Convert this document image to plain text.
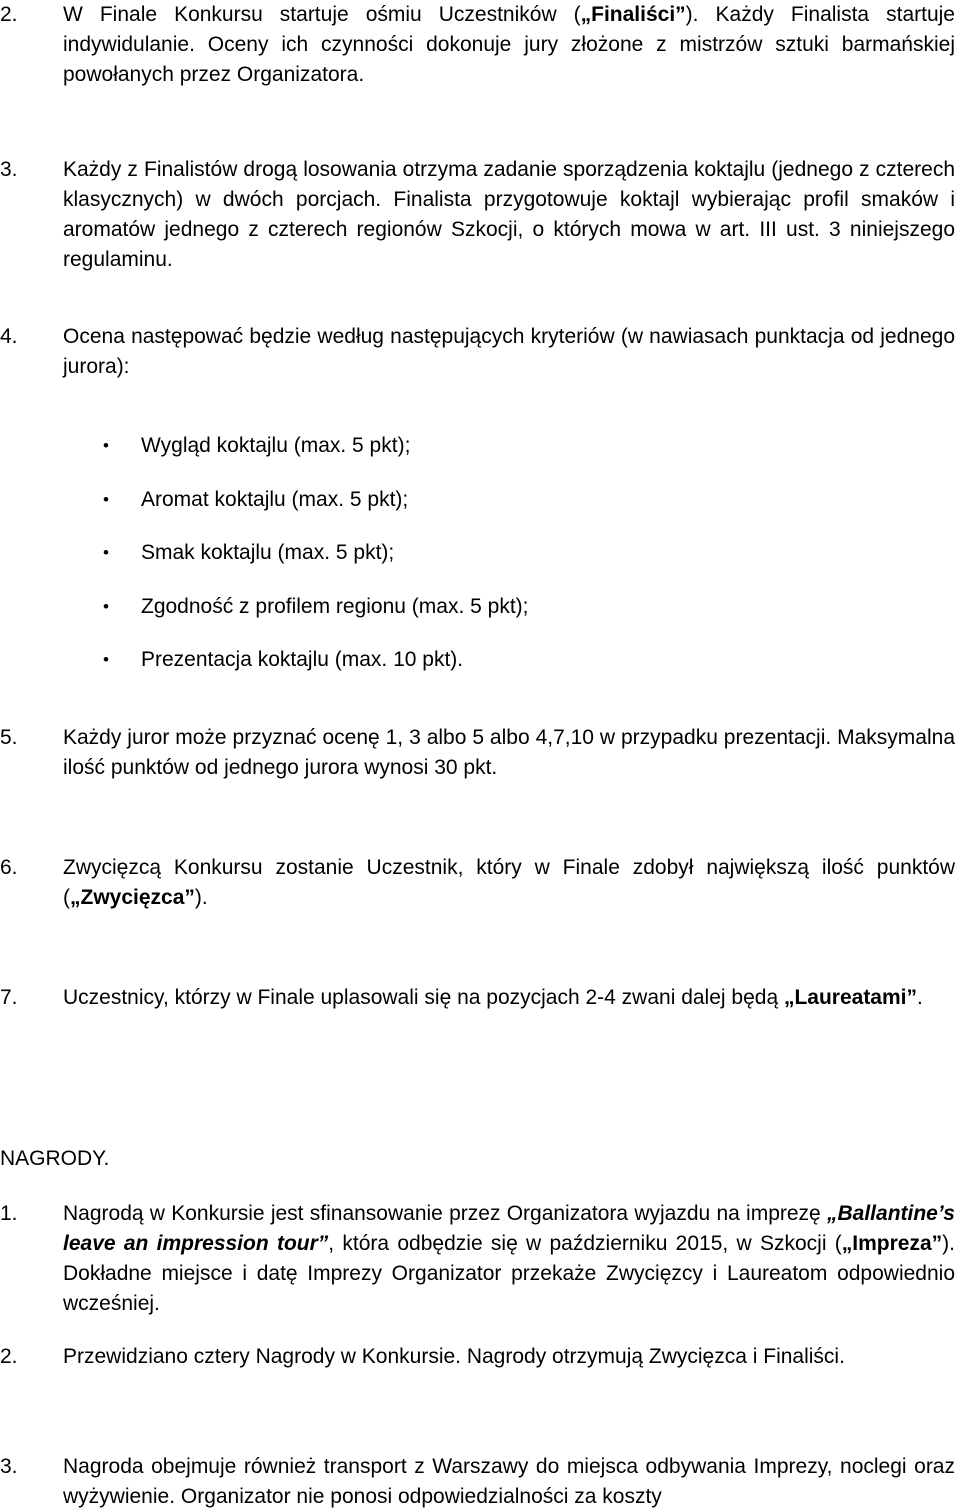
2. W Finale Konkursu startuje ośmiu Uczestników („Finaliści”). Każdy Finalista startuje indywidulanie. Oceny ich czynności dokonuje jury złożone z mistrzów sztuki barmańskiej powołanych przez Organizatora.
3. Każdy z Finalistów drogą losowania otrzyma zadanie sporządzenia koktajlu (jednego z czterech klasycznych) w dwóch porcjach. Finalista przygotowuje koktajl wybierając profil smaków i aromatów jednego z czterech regionów Szkocji, o których mowa w art. III ust. 3 niniejszego regulaminu.
4. Ocena następować będzie według następujących kryteriów (w nawiasach punktacja od jednego jurora):
• Wygląd koktajlu (max. 5 pkt);
• Aromat koktajlu (max. 5 pkt);
• Smak koktajlu (max. 5 pkt);
• Zgodność z profilem regionu (max. 5 pkt);
• Prezentacja koktajlu (max. 10 pkt).
5. Każdy juror może przyznać ocenę 1, 3 albo 5 albo 4,7,10 w przypadku prezentacji. Maksymalna ilość punktów od jednego jurora wynosi 30 pkt.
6. Zwycięzcą Konkursu zostanie Uczestnik, który w Finale zdobył największą ilość punktów („Zwycięzca”).
7. Uczestnicy, którzy w Finale uplasowali się na pozycjach 2-4 zwani dalej będą „Laureatami”.
NAGRODY.
1. Nagrodą w Konkursie jest sfinansowanie przez Organizatora wyjazdu na imprezę „Ballantine’s leave an impression tour”, która odbędzie się w październiku 2015, w Szkocji („Impreza”). Dokładne miejsce i datę Imprezy Organizator przekaże Zwycięzcy i Laureatom odpowiednio wcześniej.
2. Przewidziano cztery Nagrody w Konkursie. Nagrody otrzymują Zwycięzca i Finaliści.
3. Nagroda obejmuje również transport z Warszawy do miejsca odbywania Imprezy, noclegi oraz wyżywienie. Organizator nie ponosi odpowiedzialności za koszty
